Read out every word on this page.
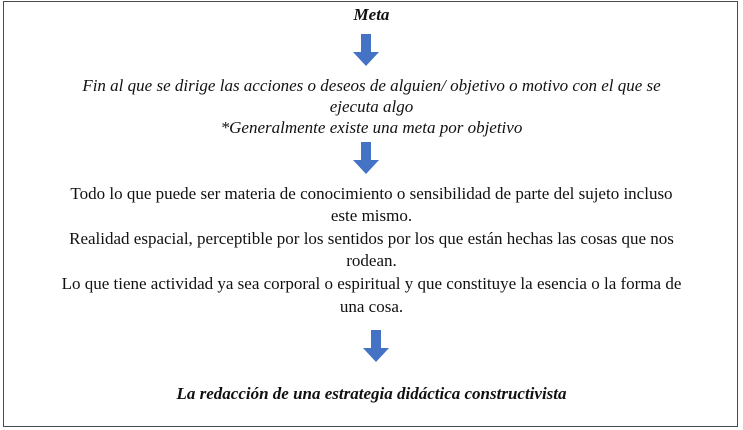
Meta
Fin al que se dirige las acciones o deseos de alguien/ objetivo o motivo con el que se
ejecuta algo
*Generalmente existe una meta por objetivo
Todo lo que puede ser materia de conocimiento o sensibilidad de parte del sujeto incluso
este mismo.
Realidad espacial, perceptible por los sentidos por los que están hechas las cosas que nos
rodean.
Lo que tiene actividad ya sea corporal o espiritual y que constituye la esencia o la forma de
una cosa.
La redacción de una estrategia didáctica constructivista
